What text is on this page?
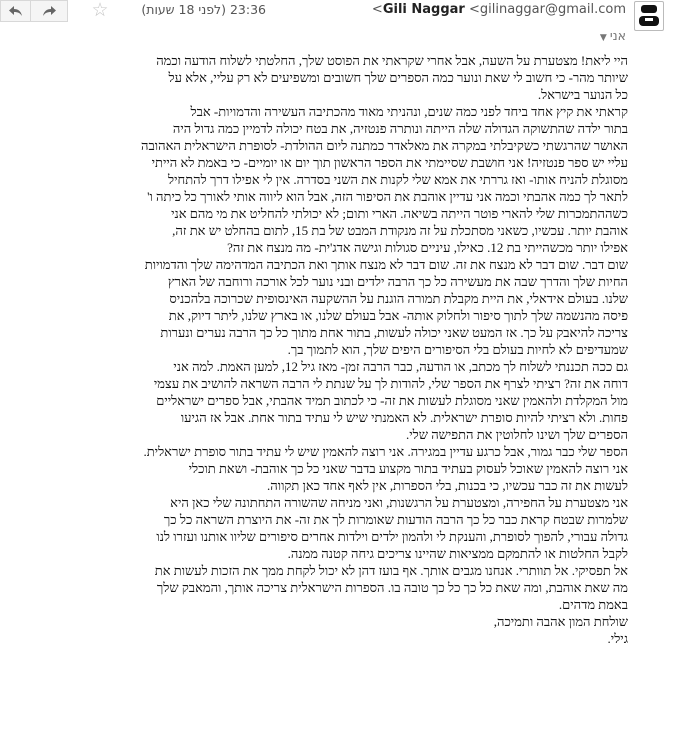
Gili Naggar <gilinaggar@gmail.com>
23:36 (לפני 18 שעות)
☆
אני▼

היי ליאת! מצטערת על השעה, אבל אחרי שקראתי את הפוסט שלך, החלטתי לשלוח הודעה וכמה
שיותר מהר- כי חשוב לי שאת ונוער כמה הספרים שלך חשובים ומשפיעים לא רק עליי, אלא על
כל הנוער בישראל.

קראתי את קיץ אחד ביחד לפני כמה שנים, ונהניתי מאוד מהכתיבה העשירה והדמויות- אבל
בתור ילדה שהתשוקה הגדולה שלה הייתה ונותרה פנטזיה, את בטח יכולה לדמיין כמה גדול היה
האושר שהרגשתי כשקיבלתי במקרה את מאלאדר כמתנה ליום ההולדת- לסופרת הישראלית האהובה
עליי יש ספר פנטזיה! אני חושבת שסיימתי את הספר הראשון תוך יום או יומיים- כי באמת לא הייתי
מסוגלת להניח אותו- ואז גררתי את אמא שלי לקנות את השני בסדרה. אין לי אפילו דרך להתחיל
לתאר לך כמה אהבתי וכמה אני עדיין אוהבת את הסיפור הזה, אבל הוא ליווה אותי לאורך כל כיתה ו'
כשההתמכרות שלי להארי פוטר הייתה בשיאה. הארי ותום; לא יכולתי להחליט את מי מהם אני
אוהבת יותר. עכשיו, כשאני מסתכלת על זה מנקודת המבט של בת 15, לתום בהחלט יש את זה,
אפילו יותר מכשהייתי בת 12. כאילו, עיניים סגולות וגישה אדג'ית- מה מנצח את זה?
שום דבר. שום דבר לא מנצח את זה. שום דבר לא מנצח אותך ואת הכתיבה המדהימה שלך והדמויות
החיות שלך והדרך שבה את מעשירה כל כך הרבה ילדים ובני נוער לכל אורכה ורוחבה של הארץ
שלנו. בעולם אידאלי, את היית מקבלת תמורה הוגנת על ההשקעה האינסופית שכרוכה בלהכניס
פיסה מהנשמה שלך לתוך סיפור ולחלוק אותה- אבל בעולם שלנו, או בארץ שלנו, ליתר דיוק, את
צריכה להיאבק על כך. אז המעט שאני יכולה לעשות, בתור אחת מתוך כל כך הרבה נערים ונערות
שמעדיפים לא לחיות בעולם בלי הסיפורים היפים שלך, הוא לתמוך בך.

גם ככה תכננתי לשלוח לך מכתב, או הודעה, כבר הרבה זמן- מאז גיל 12, למען האמת. למה אני
דוחה את זה? רציתי לצרף את הספר שלי, להודות לך על שנתת לי הרבה השראה להושיב את עצמי
מול המקלדת ולהאמין שאני מסוגלת לעשות את זה- כי לכתוב תמיד אהבתי, אבל ספרים ישראליים
פחות. ולא רציתי להיות סופרת ישראלית. לא האמנתי שיש לי עתיד בתור אחת. אבל אז הגיעו
הספרים שלך ושינו לחלוטין את התפישה שלי.

הספר שלי כבר גמור, אבל כרגע עדיין במגירה. אני רוצה להאמין שיש לי עתיד בתור סופרת ישראלית.
אני רוצה להאמין שאוכל לעסוק בעתיד בתור מקצוע בדבר שאני כל כך אוהבת- ושאת תוכלי
לעשות את זה כבר עכשיו, כי בכנות, בלי הספרות, אין לאף אחד כאן תקווה.

אני מצטערת על החפירה, ומצטערת על הרגשנות, ואני מניחה שהשורה התחתונה שלי כאן היא
שלמרות שבטח קראת כבר כל כך הרבה הודעות שאומרות לך את זה- את היוצרת השראה כל כך
גדולה עבורי, להפוך לסופרת, והענקת לי ולהמון ילדים וילדות אחרים סיפורים שליוו אותנו ועזרו לנו
לקבל החלטות או להתמקם ממציאות שהיינו צריכים גיחה קטנה ממנה.

אל תפסיקי. אל תוותרי. אנחנו מגבים אותך. אף בועז דהן לא יכול לקחת ממך את הזכות לעשות את
מה שאת אוהבת, ומה שאת כל כך כל כך טובה בו. הספרות הישראלית צריכה אותך, והמאבק שלך
באמת מדהים.

שולחת המון אהבה ותמיכה,
גילי.
